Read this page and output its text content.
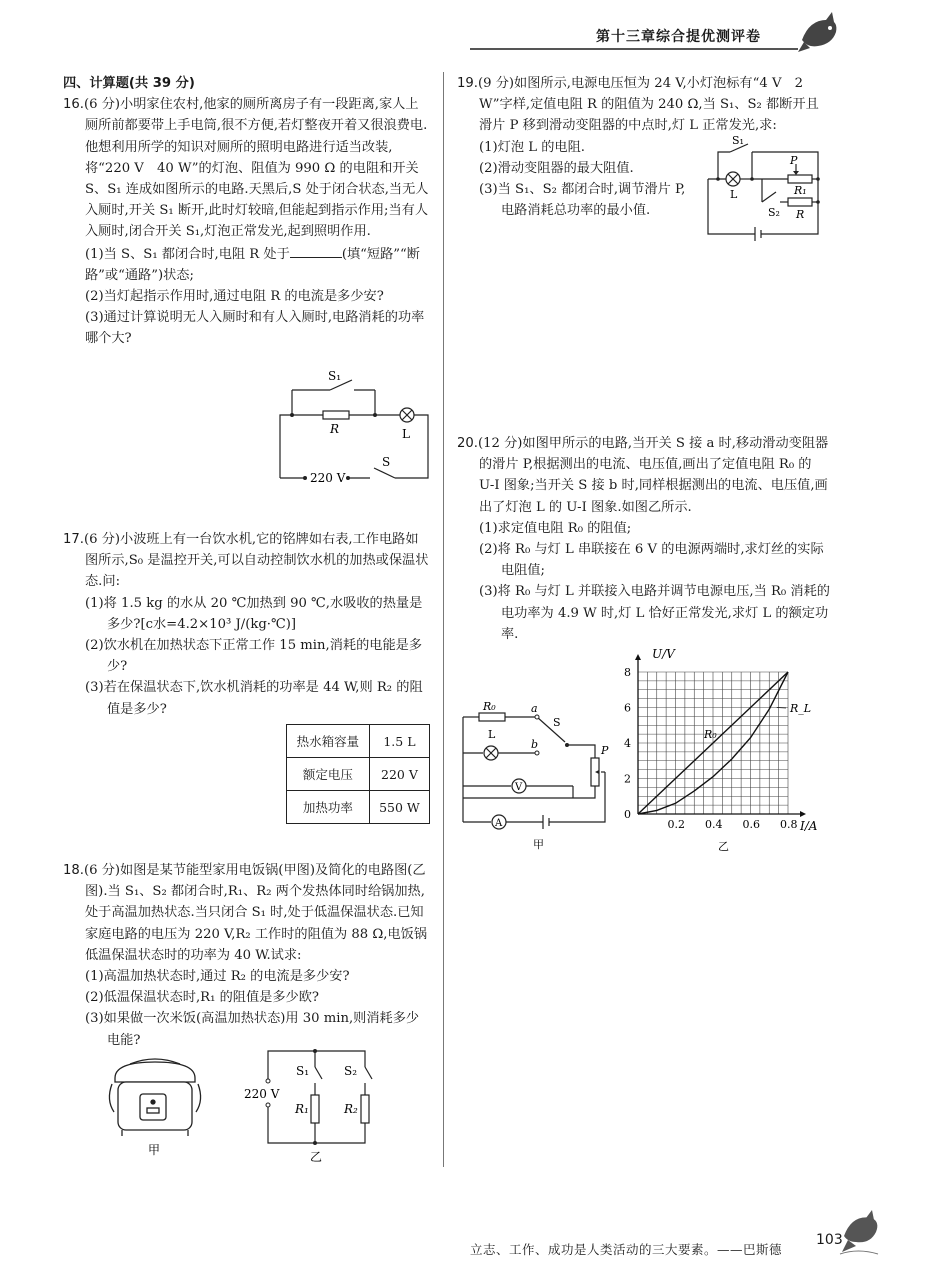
第十三章综合提优测评卷

四、计算题(共 39 分)

16.(6 分)小明家住农村,他家的厕所离房子有一段距离,家人上厕所前都要带上手电筒,很不方便,若灯整夜开着又很浪费电.他想利用所学的知识对厕所的照明电路进行适当改装,将“220 V　40 W”的灯泡、阻值为 990 Ω 的电阻和开关 S、S₁ 连成如图所示的电路.天黑后,S 处于闭合状态,当无人入厕时,开关 S₁ 断开,此时灯较暗,但能起到指示作用;当有人入厕时,闭合开关 S₁,灯泡正常发光,起到照明作用.

(1)当 S、S₁ 都闭合时,电阻 R 处于	(填“短路”“断路”或“通路”)状态;

(2)当灯起指示作用时,通过电阻 R 的电流是多少安?

(3)通过计算说明无人入厕时和有人入厕时,电路消耗的功率哪个大?

S₁
R	L
220 V
S

17.(6 分)小波班上有一台饮水机,它的铭牌如右表,工作电路如图所示,S₀ 是温控开关,可以自动控制饮水机的加热或保温状态.问:

(1)将 1.5 kg 的水从 20 ℃加热到 90 ℃,水吸收的热量是多少?[c水=4.2×10³ J/(kg·℃)]

(2)饮水机在加热状态下正常工作 15 min,消耗的电能是多少?

(3)若在保温状态下,饮水机消耗的功率是 44 W,则 R₂ 的阻值是多少?

热水箱容量	1.5 L
额定电压	220 V
加热功率	550 W

18.(6 分)如图是某节能型家用电饭锅(甲图)及简化的电路图(乙图).当 S₁、S₂ 都闭合时,R₁、R₂ 两个发热体同时给锅加热,处于高温加热状态.当只闭合 S₁ 时,处于低温保温状态.已知家庭电路的电压为 220 V,R₂ 工作时的阻值为 88 Ω,电饭锅低温保温状态时的功率为 40 W.试求:

(1)高温加热状态时,通过 R₂ 的电流是多少安?

(2)低温保温状态时,R₁ 的阻值是多少欧?

(3)如果做一次米饭(高温加热状态)用 30 min,则消耗多少电能?

甲
220 V
S₁	S₂
R₁	R₂
乙

19.(9 分)如图所示,电源电压恒为 24 V,小灯泡标有“4 V　2 W”字样,定值电阻 R 的阻值为 240 Ω,当 S₁、S₂ 都断开且滑片 P 移到滑动变阻器的中点时,灯 L 正常发光,求:

(1)灯泡 L 的电阻.

(2)滑动变阻器的最大阻值.

(3)当 S₁、S₂ 都闭合时,调节滑片 P,电路消耗总功率的最小值.

S₁
P
R₁
R
S₂
L

20.(12 分)如图甲所示的电路,当开关 S 接 a 时,移动滑动变阻器的滑片 P,根据测出的电流、电压值,画出了定值电阻 R₀ 的 U-I 图象;当开关 S 接 b 时,同样根据测出的电流、电压值,画出了灯泡 L 的 U-I 图象.如图乙所示.

(1)求定值电阻 R₀ 的阻值;

(2)将 R₀ 与灯 L 串联接在 6 V 的电源两端时,求灯丝的实际电阻值;

(3)将 R₀ 与灯 L 并联接入电路并调节电源电压,当 R₀ 消耗的电功率为 4.9 W 时,灯 L 恰好正常发光,求灯 L 的额定功率.

R₀	a
b
S
L
P
V
A
甲
0.2 0.4 0.6 0.8
0
2
4
6
8
U/V
I/A
R_L
R₀
乙
立志、工作、成功是人类活动的三大要素。——巴斯德
103
